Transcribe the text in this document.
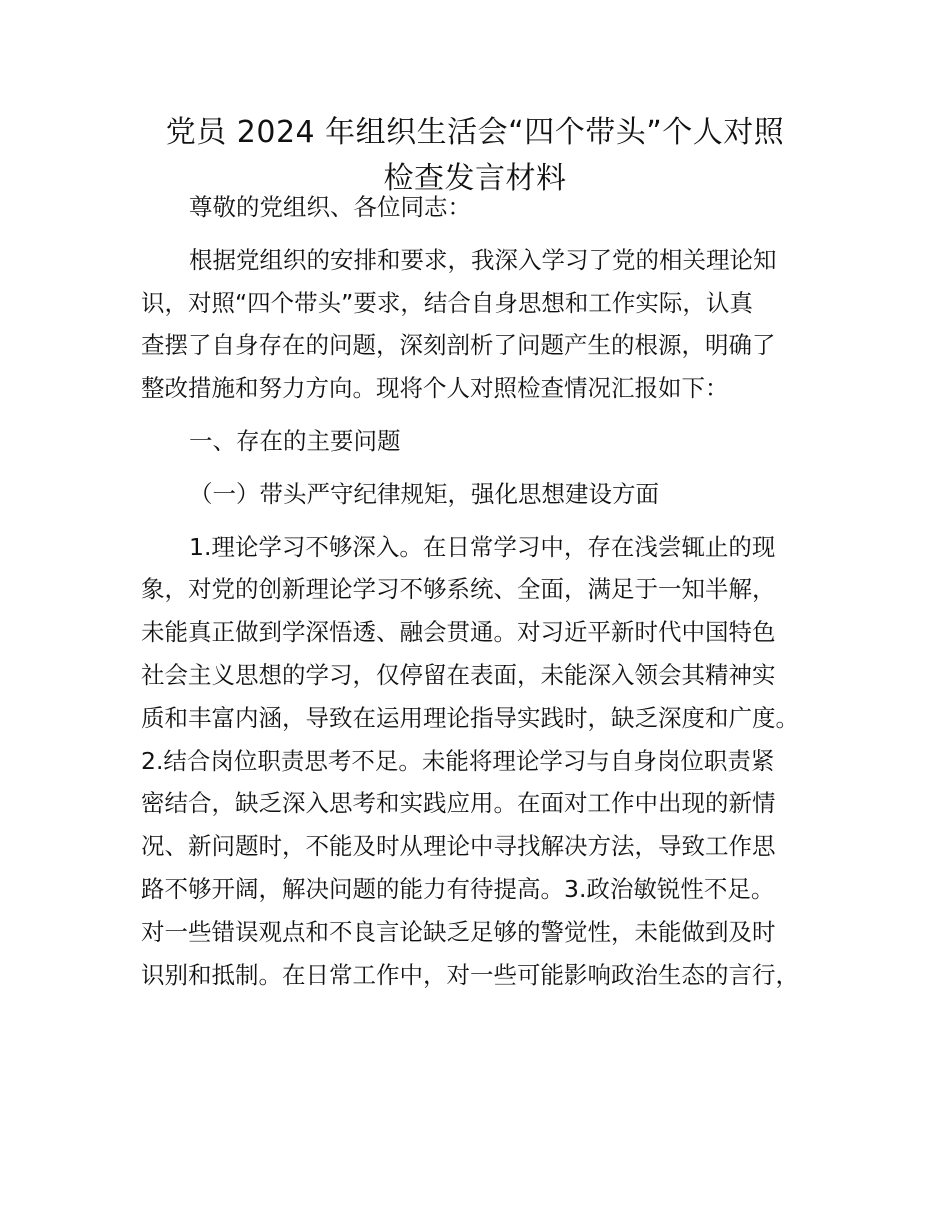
党员 2024 年组织生活会“四个带头”个人对照
检查发言材料

尊敬的党组织、各位同志：

根据党组织的安排和要求，我深入学习了党的相关理论知

识，对照“四个带头”要求，结合自身思想和工作实际，认真

查摆了自身存在的问题，深刻剖析了问题产生的根源，明确了

整改措施和努力方向。现将个人对照检查情况汇报如下：

一、存在的主要问题

（一）带头严守纪律规矩，强化思想建设方面

1.理论学习不够深入。在日常学习中，存在浅尝辄止的现

象，对党的创新理论学习不够系统、全面，满足于一知半解，

未能真正做到学深悟透、融会贯通。对习近平新时代中国特色

社会主义思想的学习，仅停留在表面，未能深入领会其精神实

质和丰富内涵，导致在运用理论指导实践时，缺乏深度和广度。

2.结合岗位职责思考不足。未能将理论学习与自身岗位职责紧

密结合，缺乏深入思考和实践应用。在面对工作中出现的新情

况、新问题时，不能及时从理论中寻找解决方法，导致工作思

路不够开阔，解决问题的能力有待提高。3.政治敏锐性不足。

对一些错误观点和不良言论缺乏足够的警觉性，未能做到及时

识别和抵制。在日常工作中，对一些可能影响政治生态的言行，
